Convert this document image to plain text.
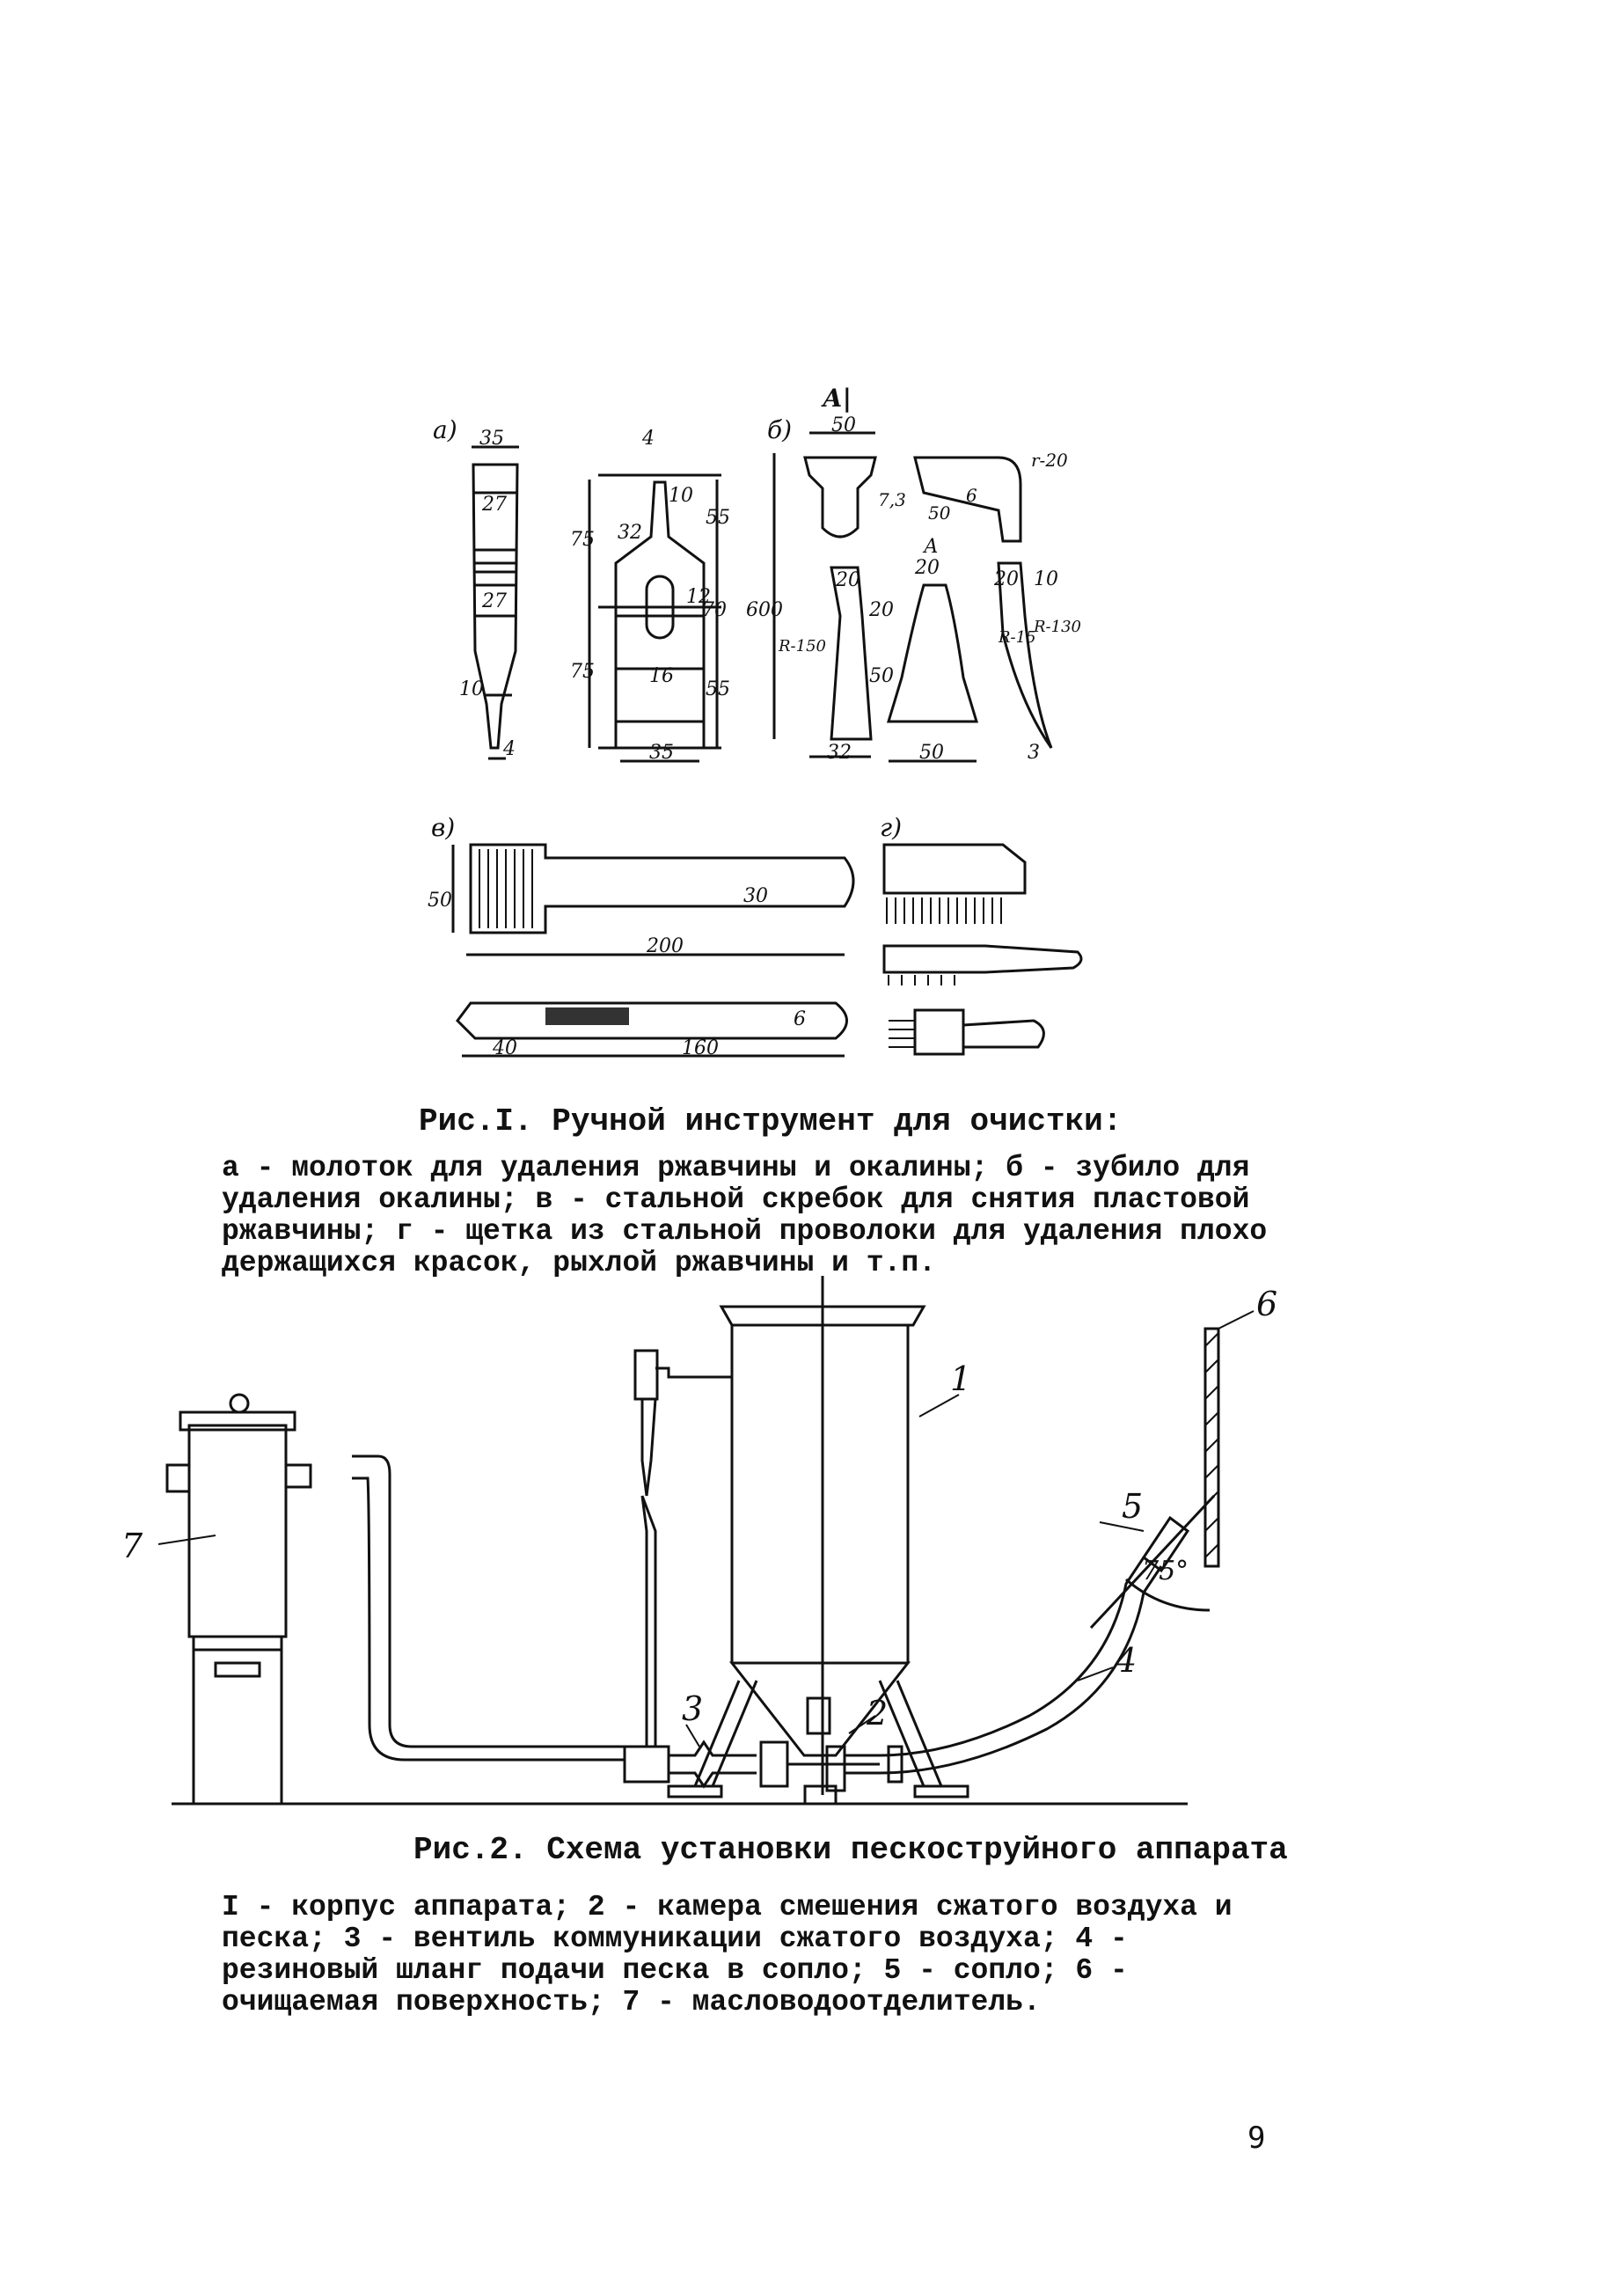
а)	б)
в)	г)
А|
35
27
27
10
4
4
10
32
70
12
16
75
75
55
55
35
50
600
r-20
6
50
7,3
А
20
20
20
20 10
R-150
R-130
R-15
50
32	50	3
50	30
200
40	160
6

Рис.I. Ручной инструмент для очистки:

а - молоток для удаления ржавчины и окалины; б - зубило для удаления окалины; в - стальной скребок для снятия пластовой ржавчины; г - щетка из стальной проволоки для удаления плохо держащихся красок, рыхлой ржавчины и т.п.

1
2
3
4
5
6
7
75°

Рис.2. Схема установки пескоструйного аппарата

I - корпус аппарата; 2 - камера смешения сжатого воздуха и песка; 3 - вентиль коммуникации сжатого воздуха; 4 - резиновый шланг подачи песка в сопло; 5 - сопло; 6 - очищаемая поверхность; 7 - масловодоотделитель.

9
